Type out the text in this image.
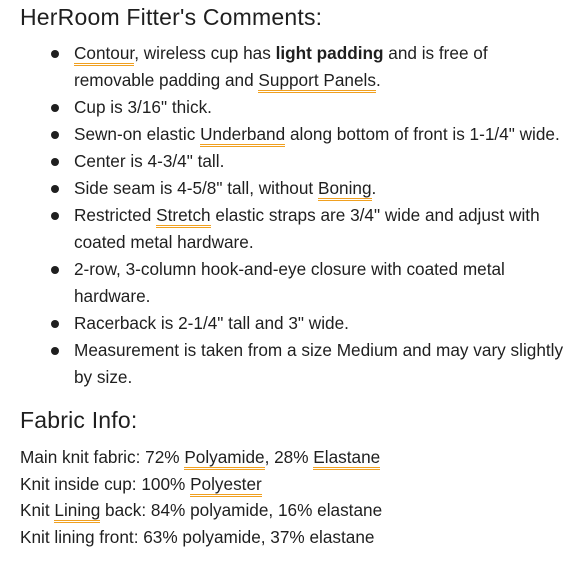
HerRoom Fitter's Comments:
Contour, wireless cup has light padding and is free of removable padding and Support Panels.
Cup is 3/16" thick.
Sewn-on elastic Underband along bottom of front is 1-1/4" wide.
Center is 4-3/4" tall.
Side seam is 4-5/8" tall, without Boning.
Restricted Stretch elastic straps are 3/4" wide and adjust with coated metal hardware.
2-row, 3-column hook-and-eye closure with coated metal hardware.
Racerback is 2-1/4" tall and 3" wide.
Measurement is taken from a size Medium and may vary slightly by size.
Fabric Info:
Main knit fabric: 72% Polyamide, 28% Elastane
Knit inside cup: 100% Polyester
Knit Lining back: 84% polyamide, 16% elastane
Knit lining front: 63% polyamide, 37% elastane
